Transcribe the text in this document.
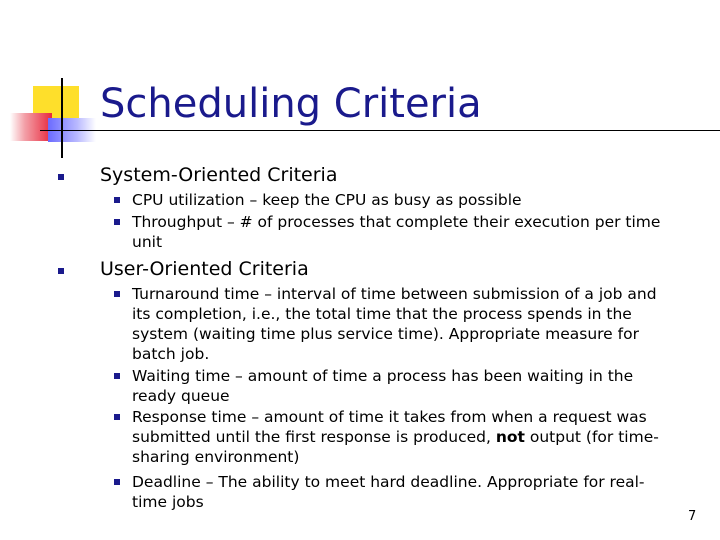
Scheduling Criteria
System-Oriented Criteria
CPU utilization – keep the CPU as busy as possible
Throughput – # of processes that complete their execution per time unit
User-Oriented Criteria
Turnaround time – interval of time between submission of a job and its completion, i.e., the total time that the process spends in the system (waiting time plus service time). Appropriate measure for batch job.
Waiting time – amount of time a process has been waiting in the ready queue
Response time – amount of time it takes from when a request was submitted until the first response is produced, not output (for time-sharing environment)
Deadline – The ability to meet hard deadline. Appropriate for real-time jobs
7
